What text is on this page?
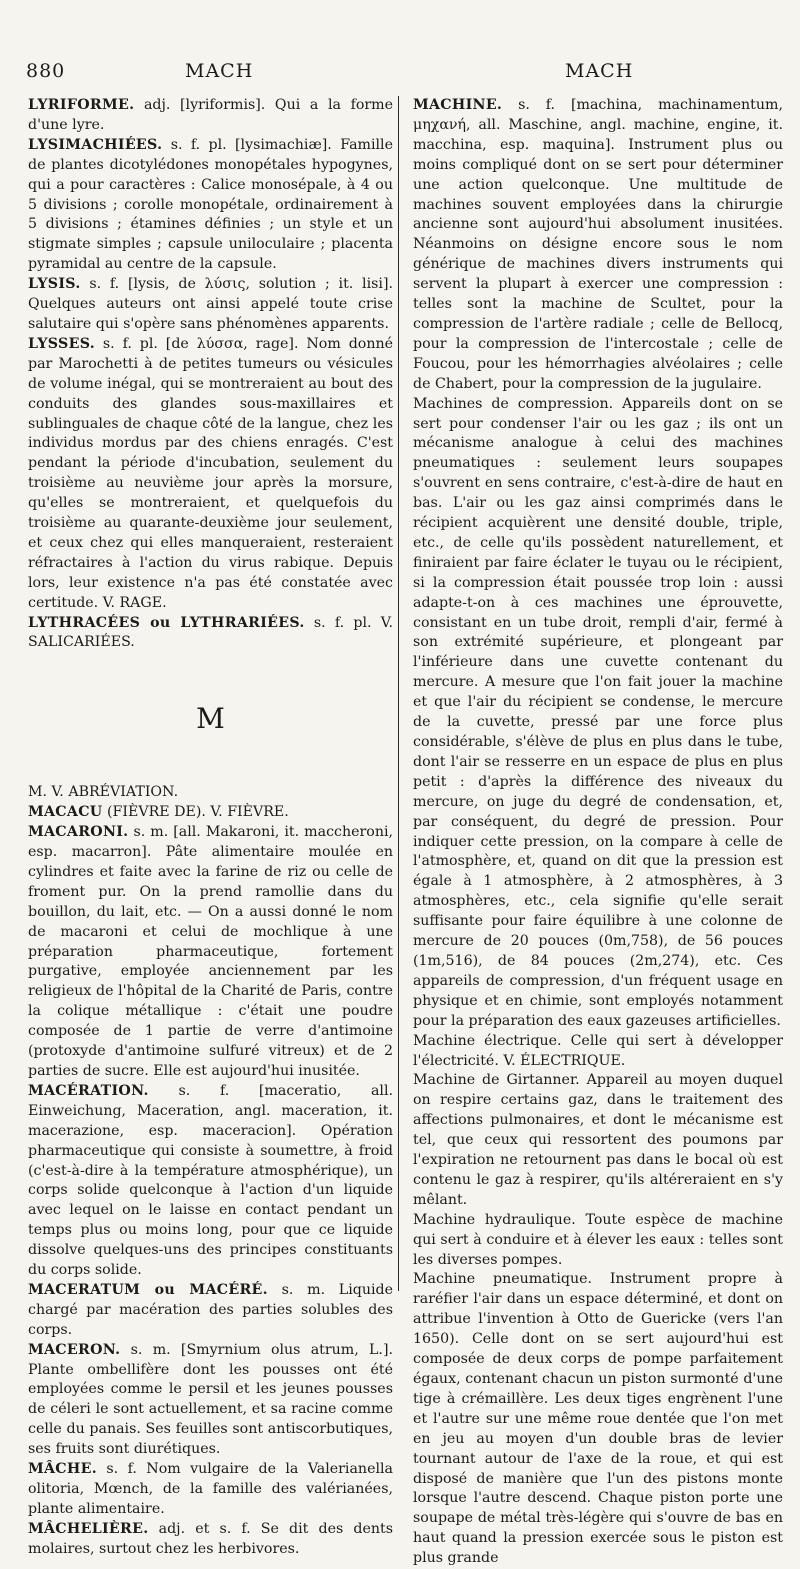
880	MACH	MACH

LYRIFORME. adj. [lyriformis]. Qui a la forme d'une lyre.

LYSIMACHIÉES. s. f. pl. [lysimachiæ]. Famille de plantes dicotylédones monopétales hypogynes, qui a pour caractères : Calice monosépale, à 4 ou 5 divisions ; corolle monopétale, ordinairement à 5 divisions ; étamines définies ; un style et un stigmate simples ; capsule uniloculaire ; placenta pyramidal au centre de la capsule.

LYSIS. s. f. [lysis, de λύσις, solution ; it. lisi]. Quelques auteurs ont ainsi appelé toute crise salutaire qui s'opère sans phénomènes apparents.

LYSSES. s. f. pl. [de λύσσα, rage]. Nom donné par Marochetti à de petites tumeurs ou vésicules de volume inégal, qui se montreraient au bout des conduits des glandes sous-maxillaires et sublinguales de chaque côté de la langue, chez les individus mordus par des chiens enragés. C'est pendant la période d'incubation, seulement du troisième au neuvième jour après la morsure, qu'elles se montreraient, et quelquefois du troisième au quarante-deuxième jour seulement, et ceux chez qui elles manqueraient, resteraient réfractaires à l'action du virus rabique. Depuis lors, leur existence n'a pas été constatée avec certitude. V. RAGE.

LYTHRACÉES ou LYTHRARIÉES. s. f. pl. V. SALICARIÉES.

M

M. V. ABRÉVIATION.

MACACU (FIÈVRE DE). V. FIÈVRE.

MACARONI. s. m. [all. Makaroni, it. maccheroni, esp. macarron]. Pâte alimentaire moulée en cylindres et faite avec la farine de riz ou celle de froment pur. On la prend ramollie dans du bouillon, du lait, etc. — On a aussi donné le nom de macaroni et celui de mochlique à une préparation pharmaceutique, fortement purgative, employée anciennement par les religieux de l'hôpital de la Charité de Paris, contre la colique métallique : c'était une poudre composée de 1 partie de verre d'antimoine (protoxyde d'antimoine sulfuré vitreux) et de 2 parties de sucre. Elle est aujourd'hui inusitée.

MACÉRATION. s. f. [maceratio, all. Einweichung, Maceration, angl. maceration, it. macerazione, esp. maceracion]. Opération pharmaceutique qui consiste à soumettre, à froid (c'est-à-dire à la température atmosphérique), un corps solide quelconque à l'action d'un liquide avec lequel on le laisse en contact pendant un temps plus ou moins long, pour que ce liquide dissolve quelques-uns des principes constituants du corps solide.

MACERATUM ou MACÉRÉ. s. m. Liquide chargé par macération des parties solubles des corps.

MACERON. s. m. [Smyrnium olus atrum, L.]. Plante ombellifère dont les pousses ont été employées comme le persil et les jeunes pousses de céleri le sont actuellement, et sa racine comme celle du panais. Ses feuilles sont antiscorbutiques, ses fruits sont diurétiques.

MÂCHE. s. f. Nom vulgaire de la Valerianella olitoria, Mœnch, de la famille des valérianées, plante alimentaire.

MÂCHELIÈRE. adj. et s. f. Se dit des dents molaires, surtout chez les herbivores.

MACHINE. s. f. [machina, machinamentum, μηχανή, all. Maschine, angl. machine, engine, it. macchina, esp. maquina]. Instrument plus ou moins compliqué dont on se sert pour déterminer une action quelconque. Une multitude de machines souvent employées dans la chirurgie ancienne sont aujourd'hui absolument inusitées. Néanmoins on désigne encore sous le nom générique de machines divers instruments qui servent la plupart à exercer une compression : telles sont la machine de Scultet, pour la compression de l'artère radiale ; celle de Bellocq, pour la compression de l'intercostale ; celle de Foucou, pour les hémorrhagies alvéolaires ; celle de Chabert, pour la compression de la jugulaire.

Machines de compression. Appareils dont on se sert pour condenser l'air ou les gaz ; ils ont un mécanisme analogue à celui des machines pneumatiques : seulement leurs soupapes s'ouvrent en sens contraire, c'est-à-dire de haut en bas. L'air ou les gaz ainsi comprimés dans le récipient acquièrent une densité double, triple, etc., de celle qu'ils possèdent naturellement, et finiraient par faire éclater le tuyau ou le récipient, si la compression était poussée trop loin : aussi adapte-t-on à ces machines une éprouvette, consistant en un tube droit, rempli d'air, fermé à son extrémité supérieure, et plongeant par l'inférieure dans une cuvette contenant du mercure. A mesure que l'on fait jouer la machine et que l'air du récipient se condense, le mercure de la cuvette, pressé par une force plus considérable, s'élève de plus en plus dans le tube, dont l'air se resserre en un espace de plus en plus petit : d'après la différence des niveaux du mercure, on juge du degré de condensation, et, par conséquent, du degré de pression. Pour indiquer cette pression, on la compare à celle de l'atmosphère, et, quand on dit que la pression est égale à 1 atmosphère, à 2 atmosphères, à 3 atmosphères, etc., cela signifie qu'elle serait suffisante pour faire équilibre à une colonne de mercure de 20 pouces (0m,758), de 56 pouces (1m,516), de 84 pouces (2m,274), etc. Ces appareils de compression, d'un fréquent usage en physique et en chimie, sont employés notamment pour la préparation des eaux gazeuses artificielles.

Machine électrique. Celle qui sert à développer l'électricité. V. ÉLECTRIQUE.

Machine de Girtanner. Appareil au moyen duquel on respire certains gaz, dans le traitement des affections pulmonaires, et dont le mécanisme est tel, que ceux qui ressortent des poumons par l'expiration ne retournent pas dans le bocal où est contenu le gaz à respirer, qu'ils altéreraient en s'y mêlant.

Machine hydraulique. Toute espèce de machine qui sert à conduire et à élever les eaux : telles sont les diverses pompes.

Machine pneumatique. Instrument propre à raréfier l'air dans un espace déterminé, et dont on attribue l'invention à Otto de Guericke (vers l'an 1650). Celle dont on se sert aujourd'hui est composée de deux corps de pompe parfaitement égaux, contenant chacun un piston surmonté d'une tige à crémaillère. Les deux tiges engrènent l'une et l'autre sur une même roue dentée que l'on met en jeu au moyen d'un double bras de levier tournant autour de l'axe de la roue, et qui est disposé de manière que l'un des pistons monte lorsque l'autre descend. Chaque piston porte une soupape de métal très-légère qui s'ouvre de bas en haut quand la pression exercée sous le piston est plus grande
